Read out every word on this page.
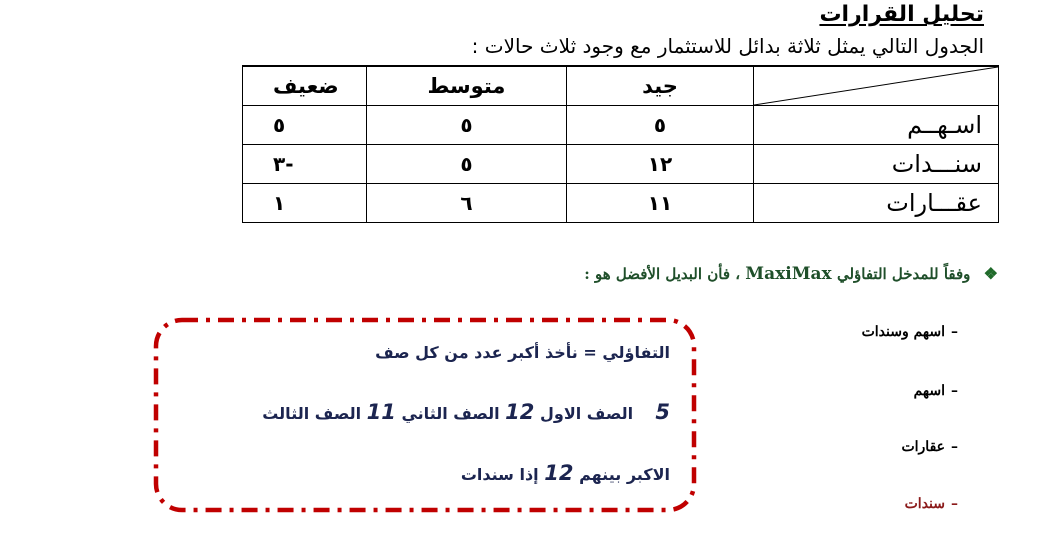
تحليل القرارات
الجدول التالي يمثل ثلاثة بدائل للاستثمار مع وجود ثلاث حالات :
	جيد	متوسط	ضعيف
اسـهــم	٥	٥	٥
سنـــدات	١٢	٥	-٣
عقـــارات	١١	٦	١
❖ وفقاً للمدخل التفاؤلي MaxiMax ، فأن البديل الأفضل هو :
–اسهم وسندات
–اسهم
–عقارات
–سندات
التفاؤلي = نأخذ أكبر عدد من كل صف
5    الصف الاول 12 الصف الثاني 11 الصف الثالث
الاكبر بينهم 12 إذا سندات
